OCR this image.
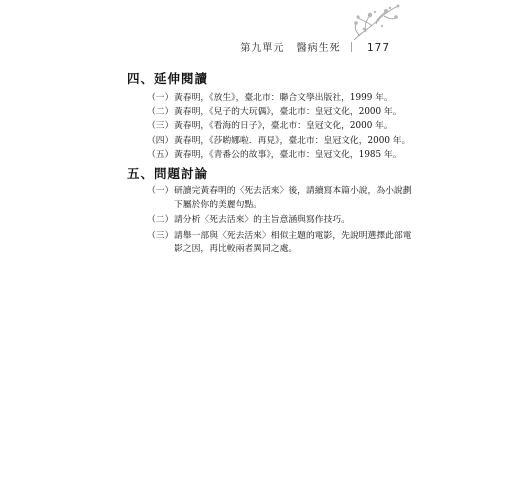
第九單元 醫病生死 ｜ 177
四、延伸閱讀
（一） 黃春明，《放生》，臺北市：聯合文學出版社，1999 年。
（二） 黃春明，《兒子的大玩偶》，臺北市：皇冠文化，2000 年。
（三） 黃春明，《看海的日子》，臺北市：皇冠文化，2000 年。
（四） 黃春明，《莎喲娜啦．再見》，臺北市：皇冠文化，2000 年。
（五） 黃春明，《青番公的故事》，臺北市：皇冠文化，1985 年。
五、問題討論
（一） 研讀完黃春明的〈死去活來〉後，請續寫本篇小說，為小說劃下屬於你的美麗句點。
（二） 請分析〈死去活來〉的主旨意涵與寫作技巧。
（三） 請舉一部與〈死去活來〉相似主題的電影，先說明選擇此部電影之因，再比較兩者異同之處。
